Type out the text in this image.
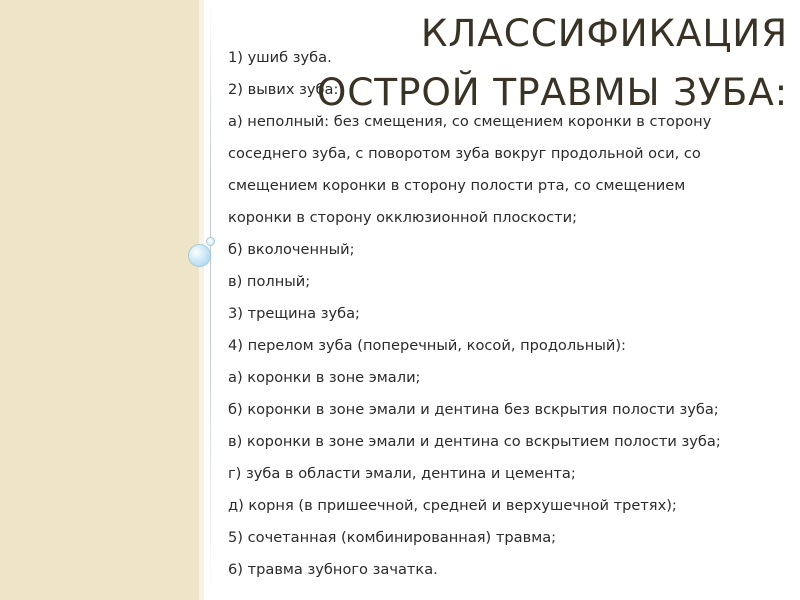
1) ушиб зуба.
2) вывих зуба:
а) неполный: без смещения, со смещением коронки в сторону
соседнего зуба, с поворотом зуба вокруг продольной оси, со
смещением коронки в сторону полости рта, со смещением
коронки в сторону окклюзионной плоскости;
б) вколоченный;
в) полный;
3) трещина зуба;
4) перелом зуба (поперечный, косой, продольный):
а) коронки в зоне эмали;
б) коронки в зоне эмали и дентина без вскрытия полости зуба;
в) коронки в зоне эмали и дентина со вскрытием полости зуба;
г) зуба в области эмали, дентина и цемента;
д) корня (в пришеечной, средней и верхушечной третях);
5) сочетанная (комбинированная) травма;
6) травма зубного зачатка.
КЛАССИФИКАЦИЯ
ОСТРОЙ ТРАВМЫ ЗУБА:
